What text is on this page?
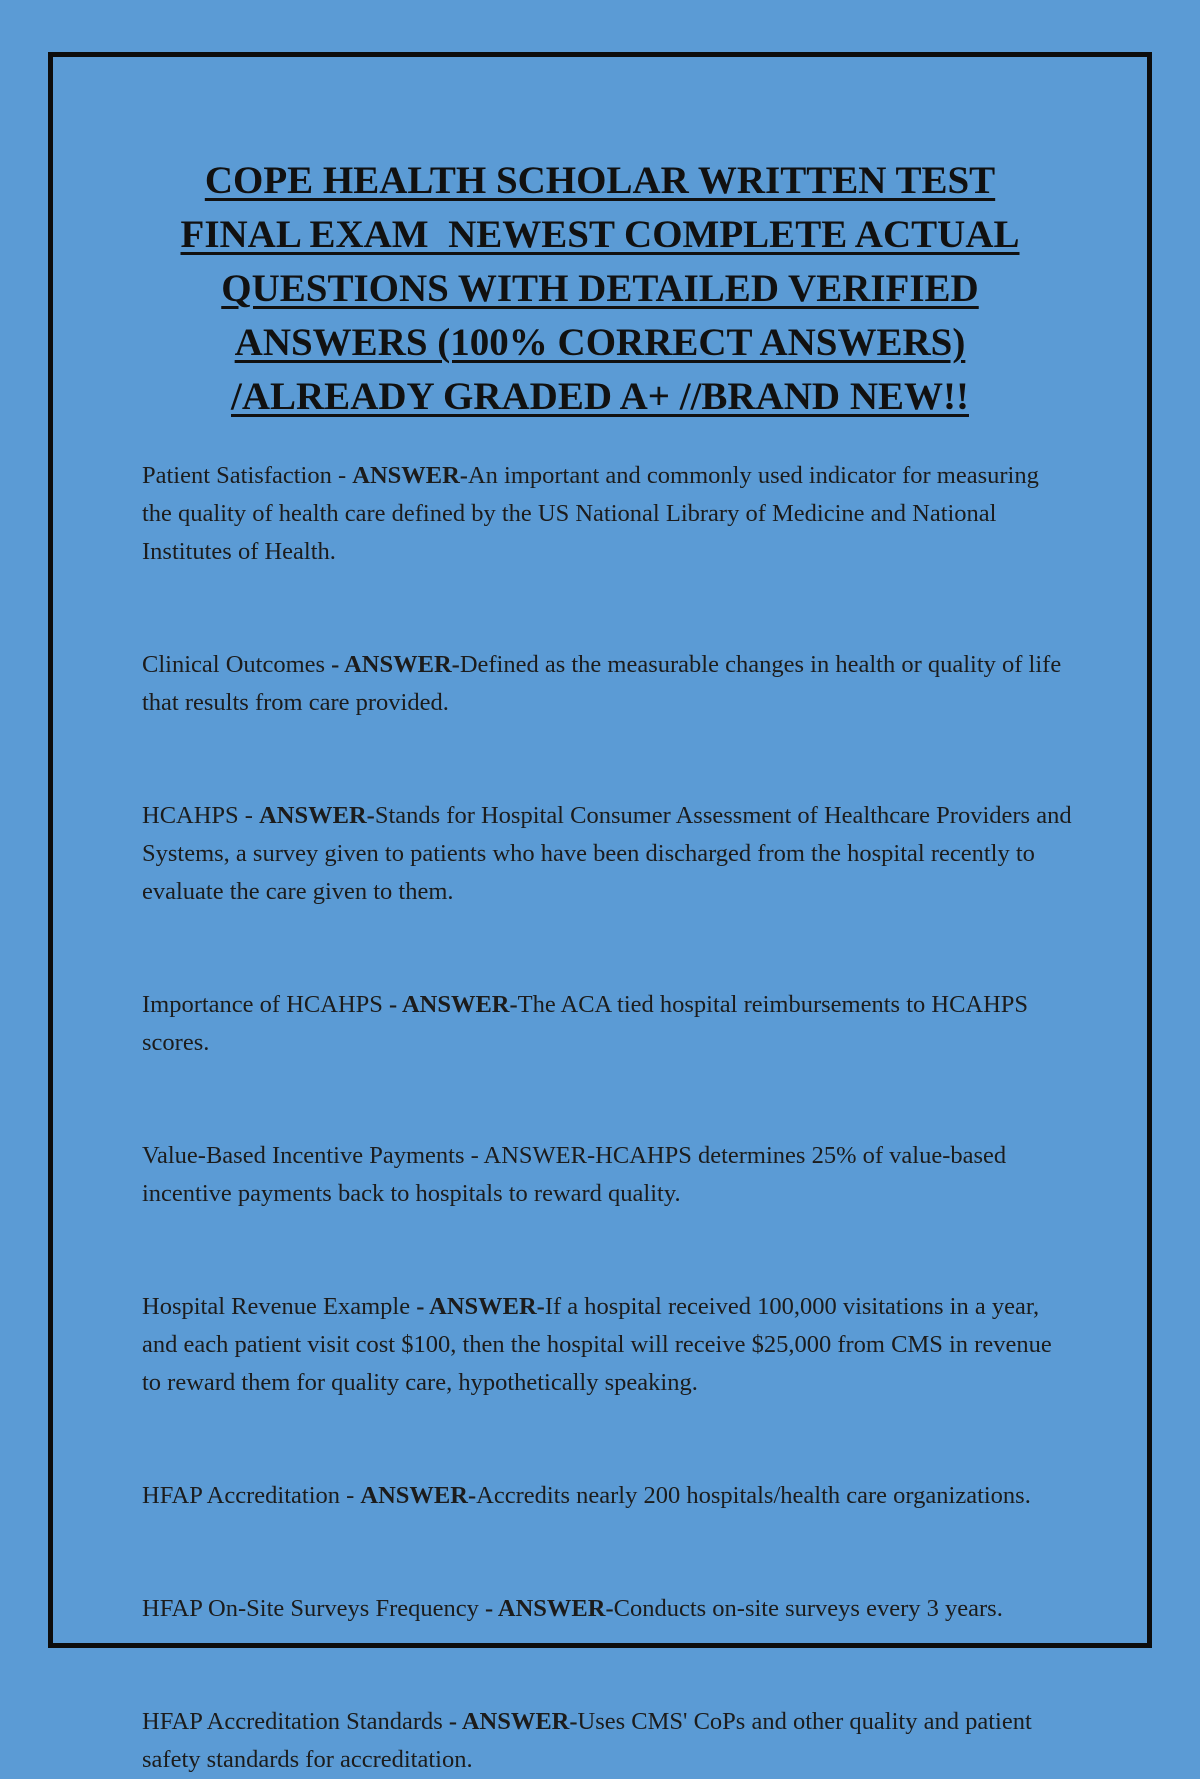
COPE HEALTH SCHOLAR WRITTEN TEST
FINAL EXAM  NEWEST COMPLETE ACTUAL
QUESTIONS WITH DETAILED VERIFIED
ANSWERS (100% CORRECT ANSWERS)
/ALREADY GRADED A+ //BRAND NEW!!

Patient Satisfaction - ANSWER-An important and commonly used indicator for measuring the quality of health care defined by the US National Library of Medicine and National Institutes of Health.

Clinical Outcomes - ANSWER-Defined as the measurable changes in health or quality of life that results from care provided.

HCAHPS - ANSWER-Stands for Hospital Consumer Assessment of Healthcare Providers and Systems, a survey given to patients who have been discharged from the hospital recently to evaluate the care given to them.

Importance of HCAHPS - ANSWER-The ACA tied hospital reimbursements to HCAHPS scores.

Value-Based Incentive Payments - ANSWER-HCAHPS determines 25% of value-based incentive payments back to hospitals to reward quality.

Hospital Revenue Example - ANSWER-If a hospital received 100,000 visitations in a year, and each patient visit cost $100, then the hospital will receive $25,000 from CMS in revenue to reward them for quality care, hypothetically speaking.

HFAP Accreditation - ANSWER-Accredits nearly 200 hospitals/health care organizations.

HFAP On-Site Surveys Frequency - ANSWER-Conducts on-site surveys every 3 years.

HFAP Accreditation Standards - ANSWER-Uses CMS' CoPs and other quality and patient safety standards for accreditation.
